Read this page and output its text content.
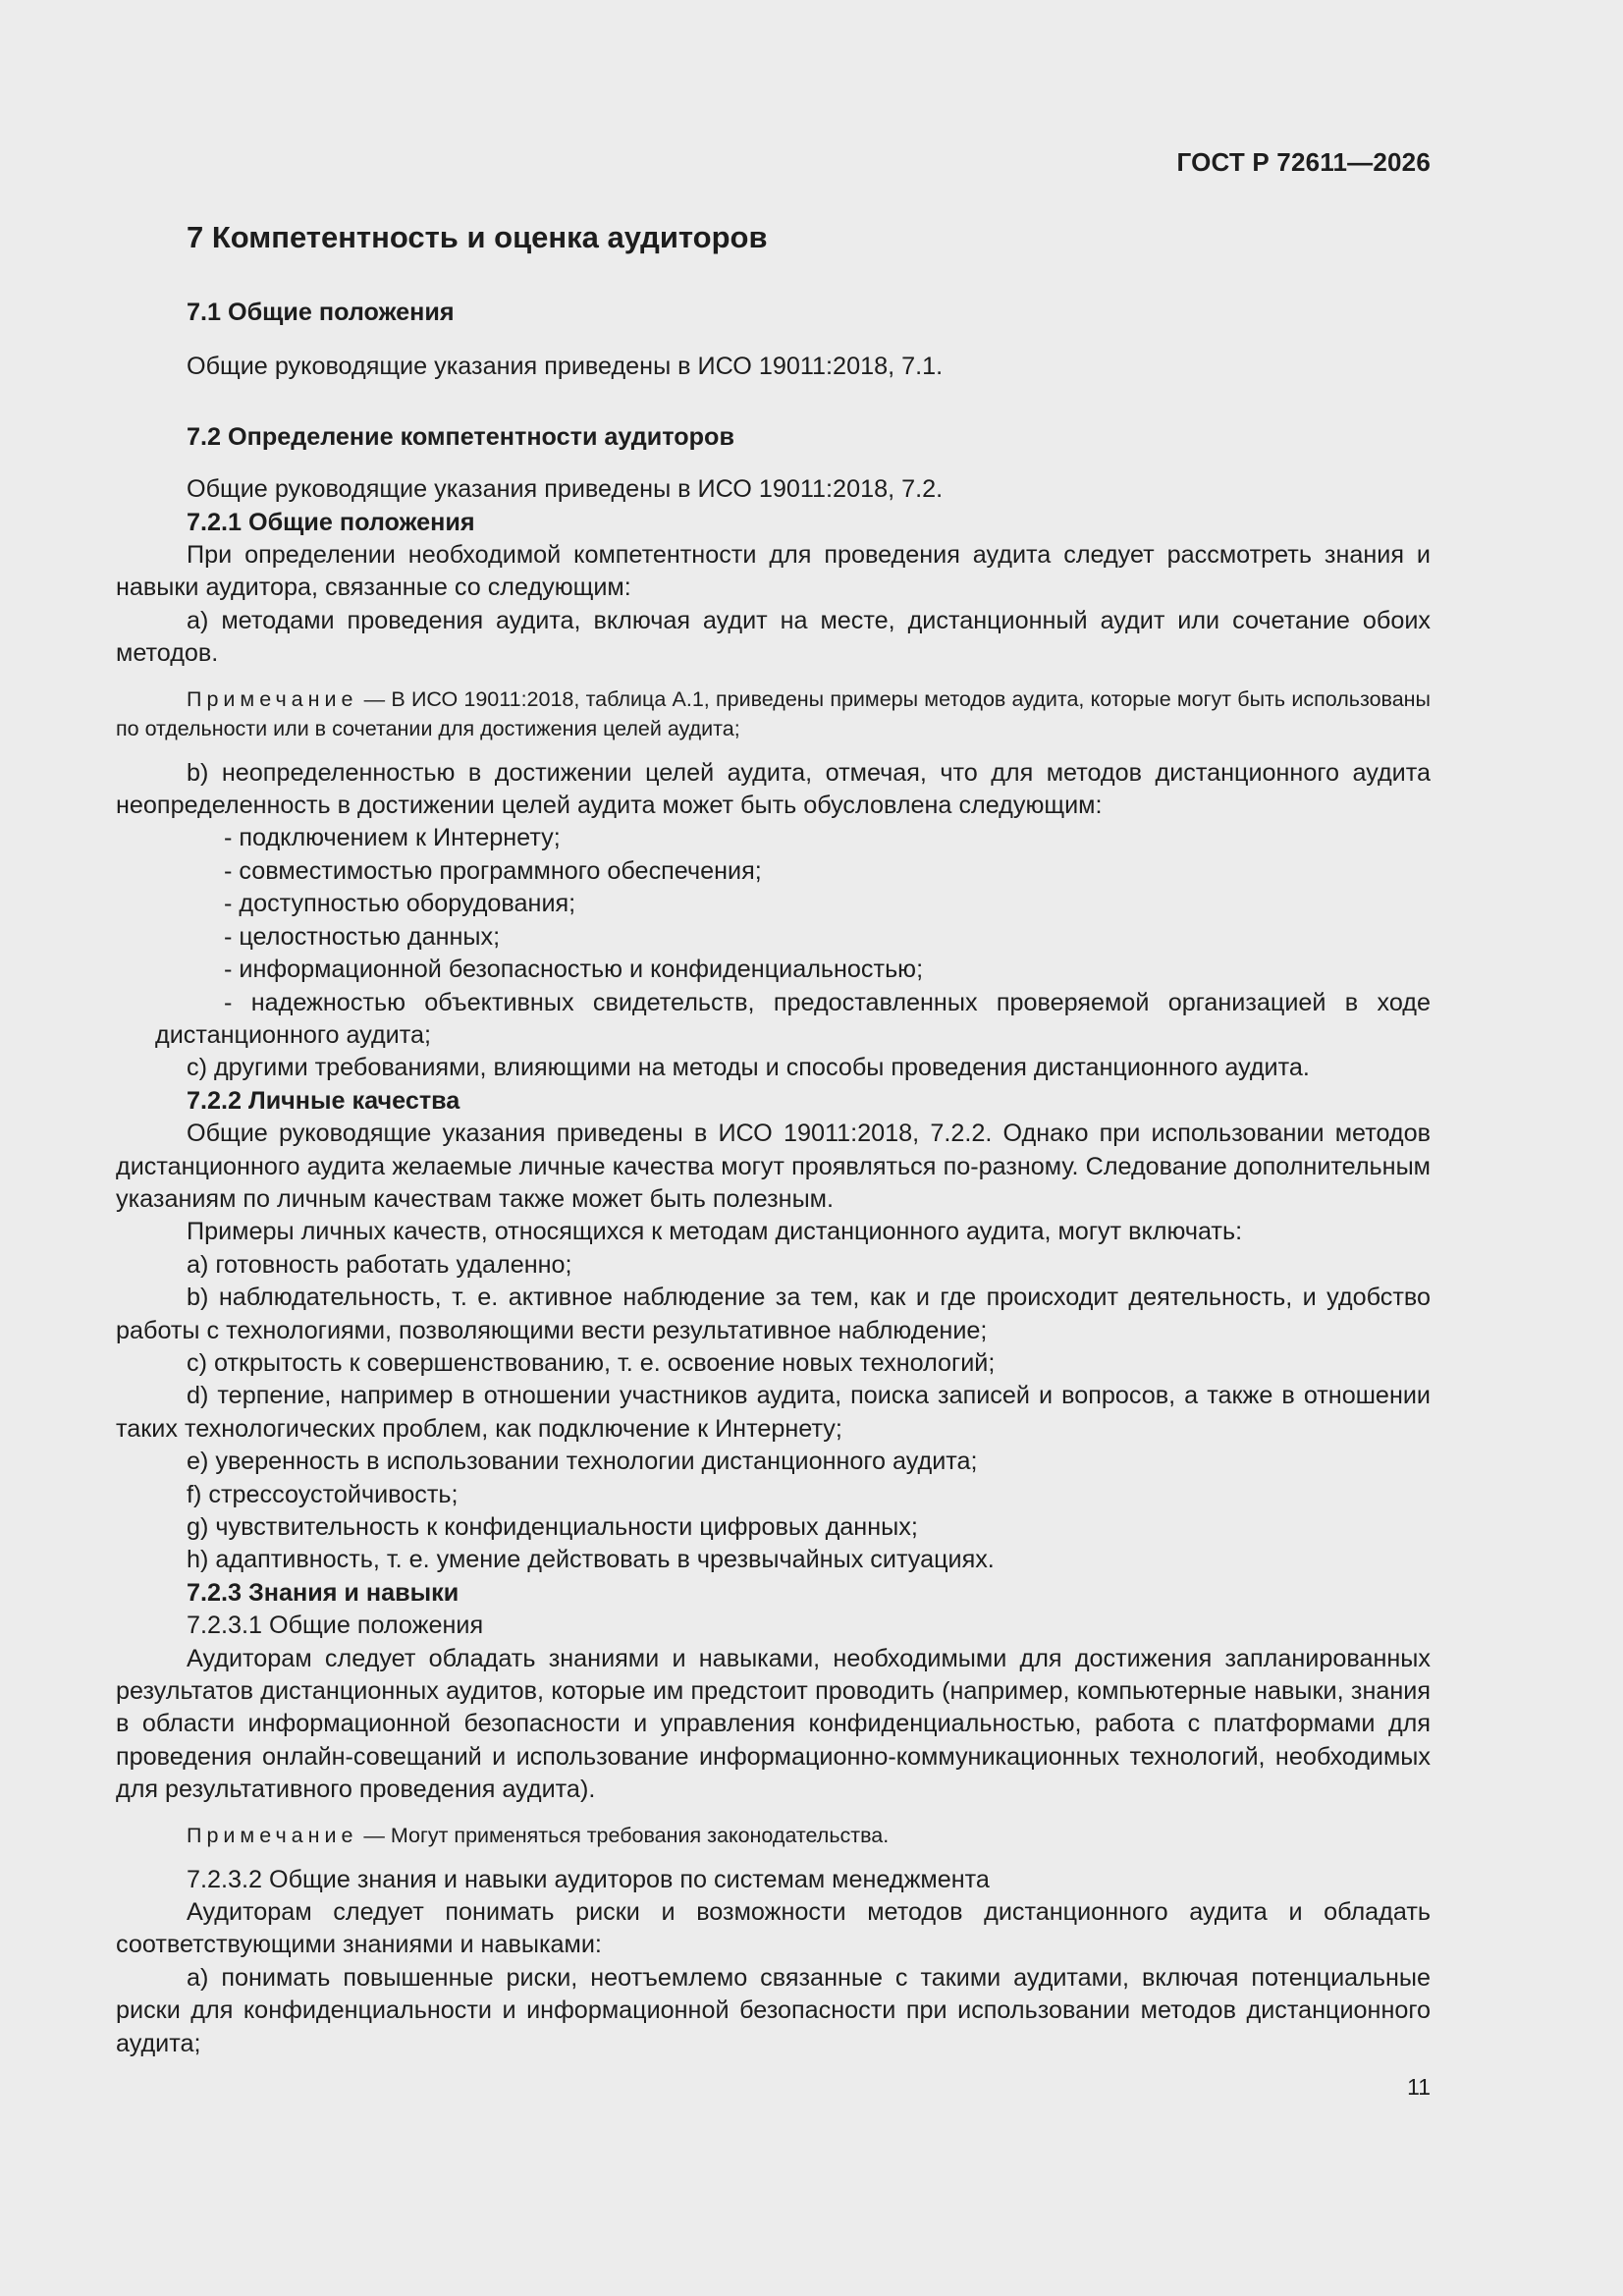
ГОСТ Р 72611—2026
7 Компетентность и оценка аудиторов
7.1 Общие положения
Общие руководящие указания приведены в ИСО 19011:2018, 7.1.
7.2 Определение компетентности аудиторов
Общие руководящие указания приведены в ИСО 19011:2018, 7.2.
7.2.1 Общие положения
При определении необходимой компетентности для проведения аудита следует рассмотреть знания и навыки аудитора, связанные со следующим:
a) методами проведения аудита, включая аудит на месте, дистанционный аудит или сочетание обоих методов.
Примечание — В ИСО 19011:2018, таблица А.1, приведены примеры методов аудита, которые могут быть использованы по отдельности или в сочетании для достижения целей аудита;
b) неопределенностью в достижении целей аудита, отмечая, что для методов дистанционного аудита неопределенность в достижении целей аудита может быть обусловлена следующим:
- подключением к Интернету;
- совместимостью программного обеспечения;
- доступностью оборудования;
- целостностью данных;
- информационной безопасностью и конфиденциальностью;
- надежностью объективных свидетельств, предоставленных проверяемой организацией в ходе дистанционного аудита;
c) другими требованиями, влияющими на методы и способы проведения дистанционного аудита.
7.2.2 Личные качества
Общие руководящие указания приведены в ИСО 19011:2018, 7.2.2. Однако при использовании методов дистанционного аудита желаемые личные качества могут проявляться по-разному. Следование дополнительным указаниям по личным качествам также может быть полезным.
Примеры личных качеств, относящихся к методам дистанционного аудита, могут включать:
a) готовность работать удаленно;
b) наблюдательность, т. е. активное наблюдение за тем, как и где происходит деятельность, и удобство работы с технологиями, позволяющими вести результативное наблюдение;
c) открытость к совершенствованию, т. е. освоение новых технологий;
d) терпение, например в отношении участников аудита, поиска записей и вопросов, а также в отношении таких технологических проблем, как подключение к Интернету;
e) уверенность в использовании технологии дистанционного аудита;
f) стрессоустойчивость;
g) чувствительность к конфиденциальности цифровых данных;
h) адаптивность, т. е. умение действовать в чрезвычайных ситуациях.
7.2.3 Знания и навыки
7.2.3.1 Общие положения
Аудиторам следует обладать знаниями и навыками, необходимыми для достижения запланированных результатов дистанционных аудитов, которые им предстоит проводить (например, компьютерные навыки, знания в области информационной безопасности и управления конфиденциальностью, работа с платформами для проведения онлайн-совещаний и использование информационно-коммуникационных технологий, необходимых для результативного проведения аудита).
Примечание — Могут применяться требования законодательства.
7.2.3.2 Общие знания и навыки аудиторов по системам менеджмента
Аудиторам следует понимать риски и возможности методов дистанционного аудита и обладать соответствующими знаниями и навыками:
a) понимать повышенные риски, неотъемлемо связанные с такими аудитами, включая потенциальные риски для конфиденциальности и информационной безопасности при использовании методов дистанционного аудита;
11
